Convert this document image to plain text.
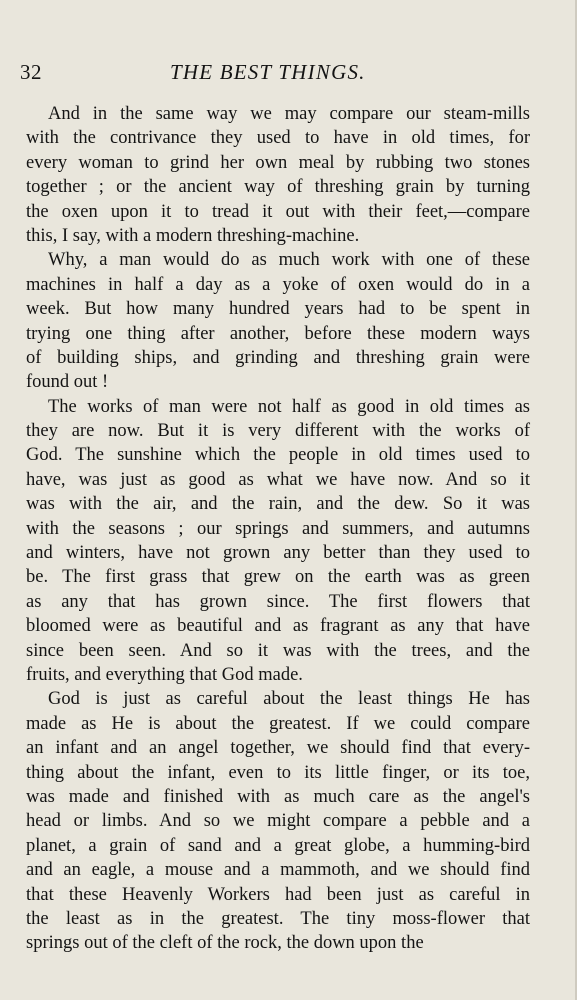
32	THE BEST THINGS.
And in the same way we may compare our steam-mills
with the contrivance they used to have in old times, for
every woman to grind her own meal by rubbing two stones
together ; or the ancient way of threshing grain by turning
the oxen upon it to tread it out with their feet,—compare
this, I say, with a modern threshing-machine.
Why, a man would do as much work with one of these
machines in half a day as a yoke of oxen would do in a
week. But how many hundred years had to be spent in
trying one thing after another, before these modern ways
of building ships, and grinding and threshing grain were
found out !
The works of man were not half as good in old times as
they are now. But it is very different with the works of
God. The sunshine which the people in old times used to
have, was just as good as what we have now. And so it
was with the air, and the rain, and the dew. So it was
with the seasons ; our springs and summers, and autumns
and winters, have not grown any better than they used to
be. The first grass that grew on the earth was as green
as any that has grown since. The first flowers that
bloomed were as beautiful and as fragrant as any that have
since been seen. And so it was with the trees, and the
fruits, and everything that God made.
God is just as careful about the least things He has
made as He is about the greatest. If we could compare
an infant and an angel together, we should find that every-
thing about the infant, even to its little finger, or its toe,
was made and finished with as much care as the angel's
head or limbs. And so we might compare a pebble and a
planet, a grain of sand and a great globe, a humming-bird
and an eagle, a mouse and a mammoth, and we should find
that these Heavenly Workers had been just as careful in
the least as in the greatest. The tiny moss-flower that
springs out of the cleft of the rock, the down upon the
